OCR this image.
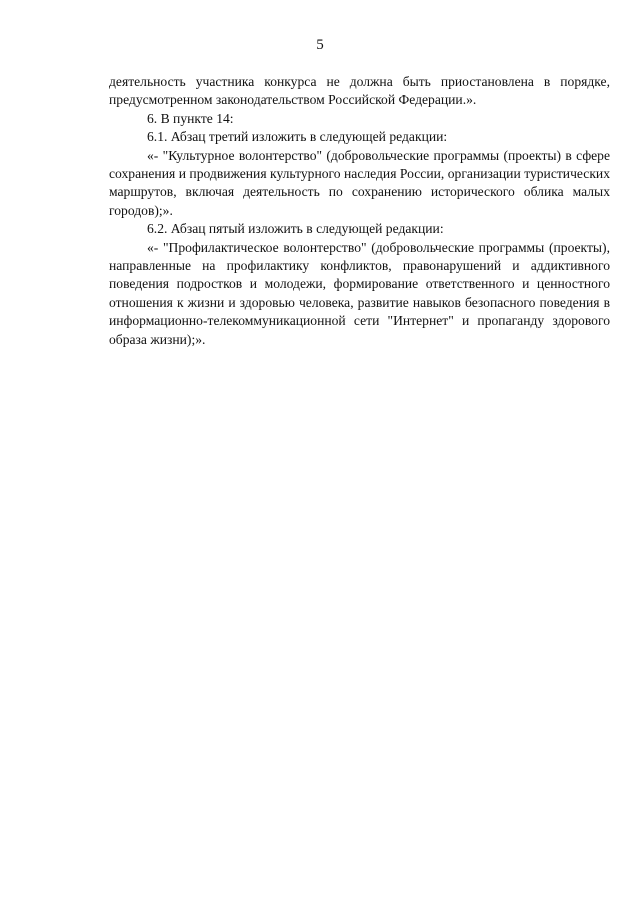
5

деятельность участника конкурса не должна быть приостановлена в порядке, предусмотренном законодательством Российской Федерации.».

6. В пункте 14:

6.1. Абзац третий изложить в следующей редакции:

«- "Культурное волонтерство" (добровольческие программы (проекты) в сфере сохранения и продвижения культурного наследия России, организации туристических маршрутов, включая деятельность по сохранению исторического облика малых городов);».

6.2. Абзац пятый изложить в следующей редакции:

«- "Профилактическое волонтерство" (добровольческие программы (проекты), направленные на профилактику конфликтов, правонарушений и аддиктивного поведения подростков и молодежи, формирование ответственного и ценностного отношения к жизни и здоровью человека, развитие навыков безопасного поведения в информационно-телекоммуникационной сети "Интернет" и пропаганду здорового образа жизни);».
